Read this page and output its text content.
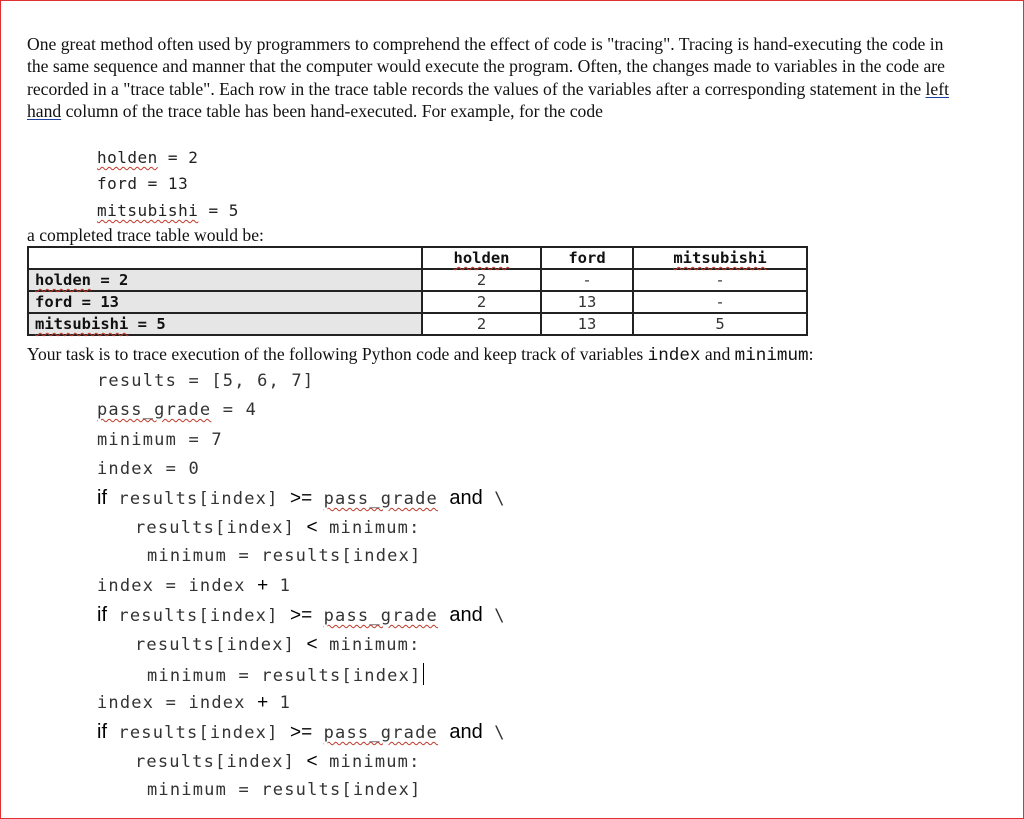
One great method often used by programmers to comprehend the effect of code is "tracing". Tracing is hand-executing the code in the same sequence and manner that the computer would execute the program. Often, the changes made to variables in the code are recorded in a "trace table". Each row in the trace table records the values of the variables after a corresponding statement in the left hand column of the trace table has been hand-executed. For example, for the code

holden = 2
ford = 13
mitsubishi = 5
a completed trace table would be:
	holden	ford	mitsubishi
holden = 2	2	-	-
ford = 13	2	13	-
mitsubishi = 5	2	13	5
Your task is to trace execution of the following Python code and keep track of variables index and minimum:
results = [5, 6, 7]
pass_grade = 4
minimum = 7
index = 0
if results[index] >= pass_grade and \
results[index] < minimum:
minimum = results[index]
index = index + 1
if results[index] >= pass_grade and \
results[index] < minimum:
minimum = results[index]
index = index + 1
if results[index] >= pass_grade and \
results[index] < minimum:
minimum = results[index]
